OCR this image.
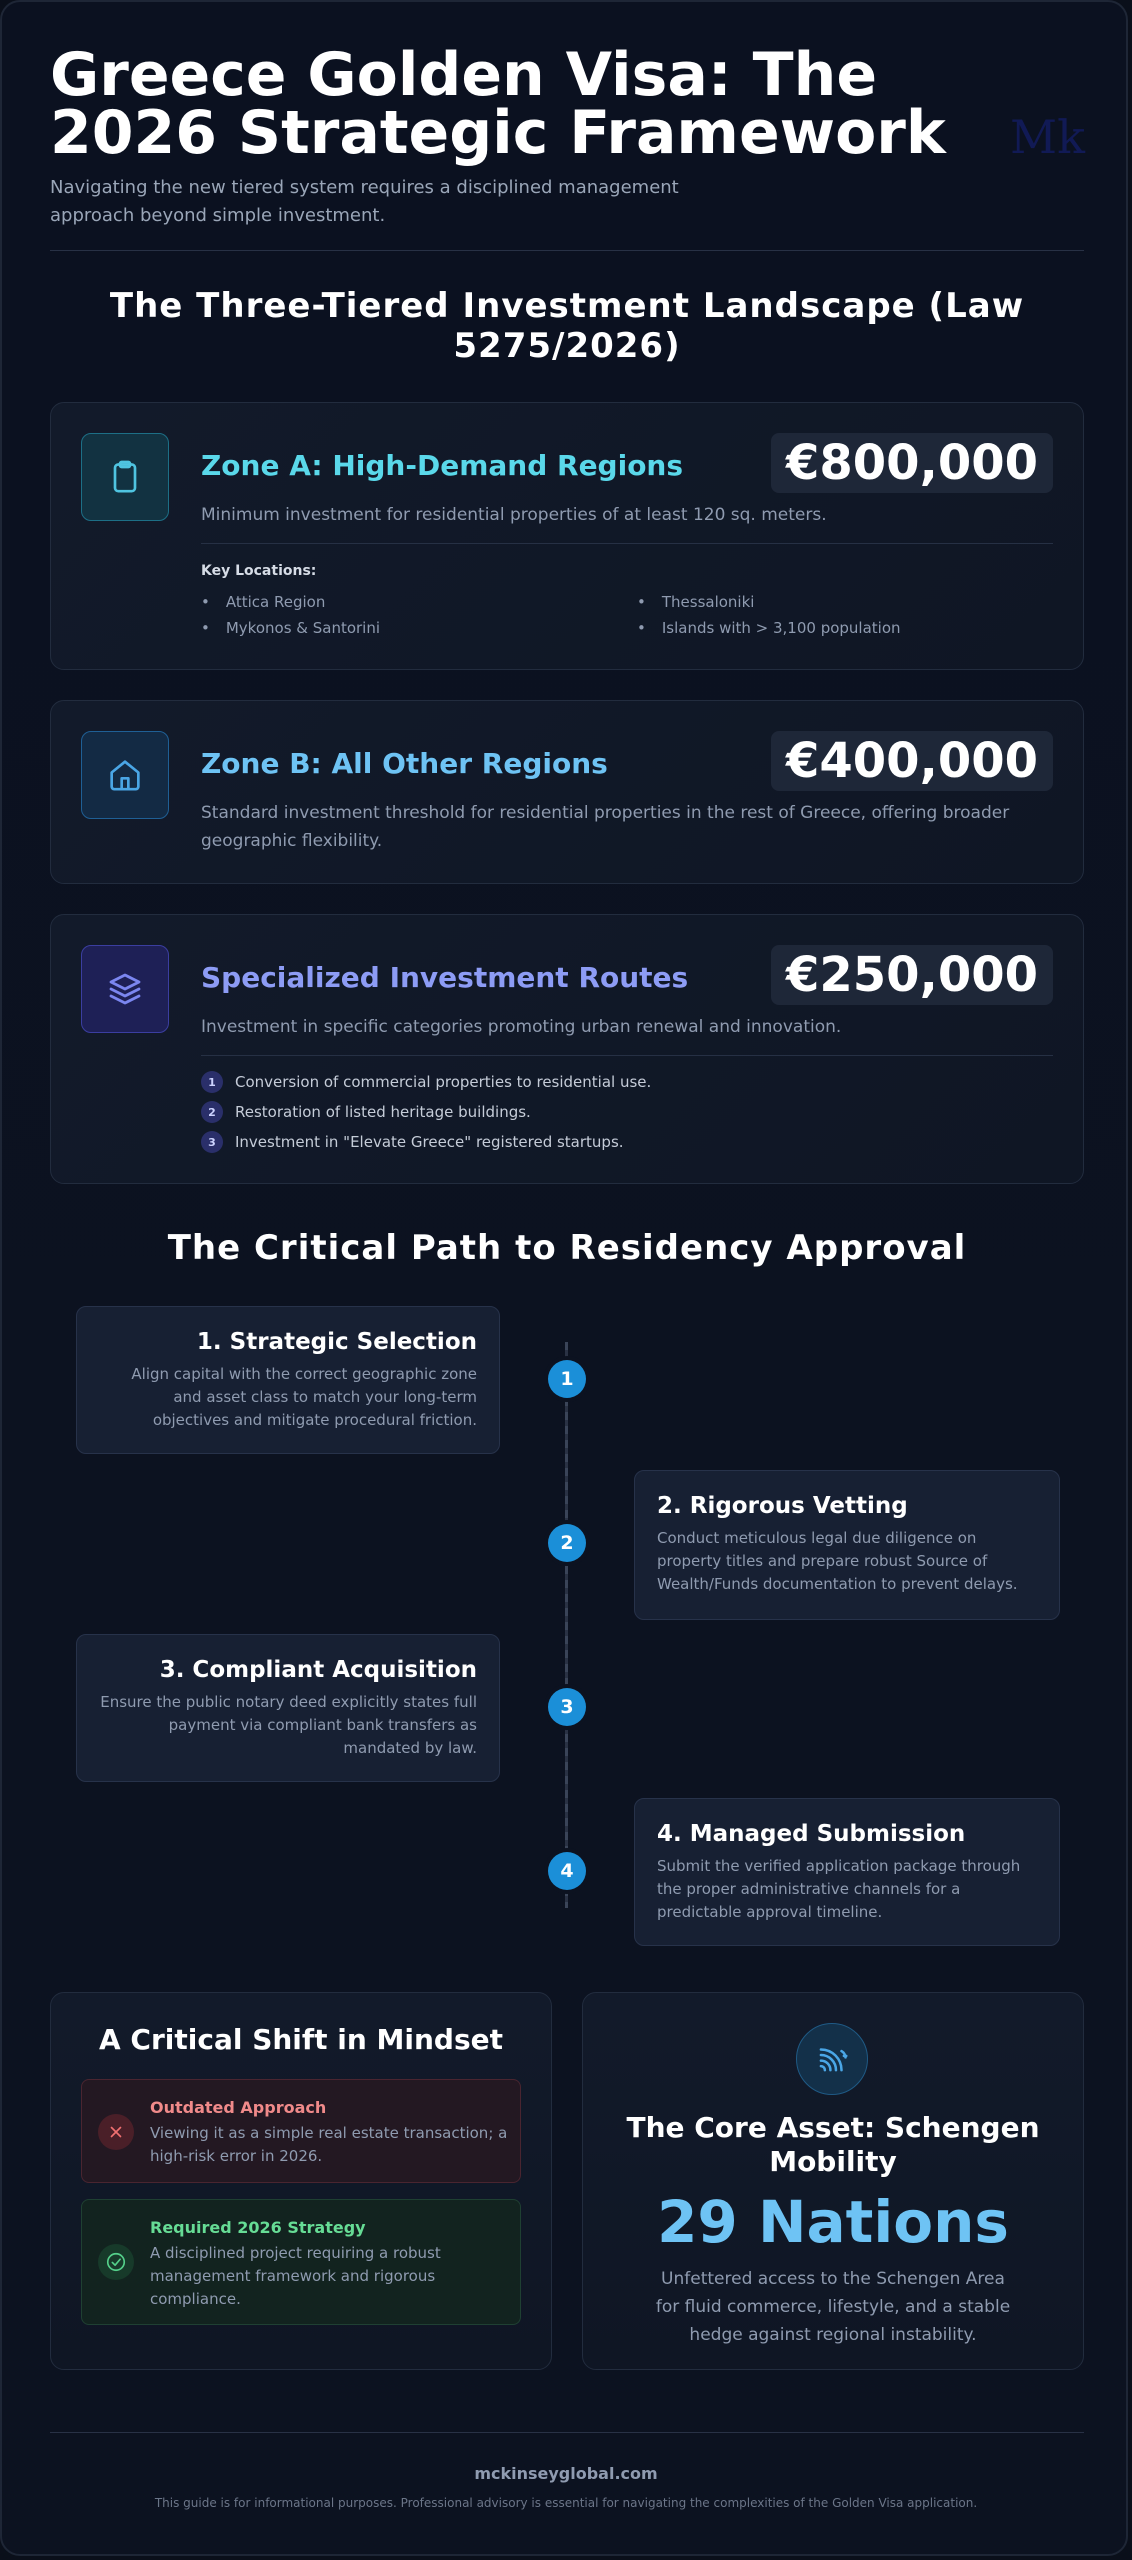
Greece Golden Visa: The 2026 Strategic Framework
Navigating the new tiered system requires a disciplined management approach beyond simple investment.
Mk
The Three-Tiered Investment Landscape (Law 5275/2026)
Zone A: High-Demand Regions	€800,000
Minimum investment for residential properties of at least 120 sq. meters.
Key Locations:
• Attica Region	• Thessaloniki
• Mykonos & Santorini	• Islands with > 3,100 population
Zone B: All Other Regions	€400,000
Standard investment threshold for residential properties in the rest of Greece, offering broader geographic flexibility.
Specialized Investment Routes	€250,000
Investment in specific categories promoting urban renewal and innovation.
1	Conversion of commercial properties to residential use.
2	Restoration of listed heritage buildings.
3	Investment in "Elevate Greece" registered startups.
The Critical Path to Residency Approval
1. Strategic Selection
Align capital with the correct geographic zone and asset class to match your long-term objectives and mitigate procedural friction.
1
2. Rigorous Vetting
Conduct meticulous legal due diligence on property titles and prepare robust Source of Wealth/Funds documentation to prevent delays.
2
3. Compliant Acquisition
Ensure the public notary deed explicitly states full payment via compliant bank transfers as mandated by law.
3
4. Managed Submission
Submit the verified application package through the proper administrative channels for a predictable approval timeline.
4
A Critical Shift in Mindset
Outdated Approach
Viewing it as a simple real estate transaction; a high-risk error in 2026.
Required 2026 Strategy
A disciplined project requiring a robust management framework and rigorous compliance.
The Core Asset: Schengen Mobility
29 Nations
Unfettered access to the Schengen Area for fluid commerce, lifestyle, and a stable hedge against regional instability.
mckinseyglobal.com
This guide is for informational purposes. Professional advisory is essential for navigating the complexities of the Golden Visa application.
